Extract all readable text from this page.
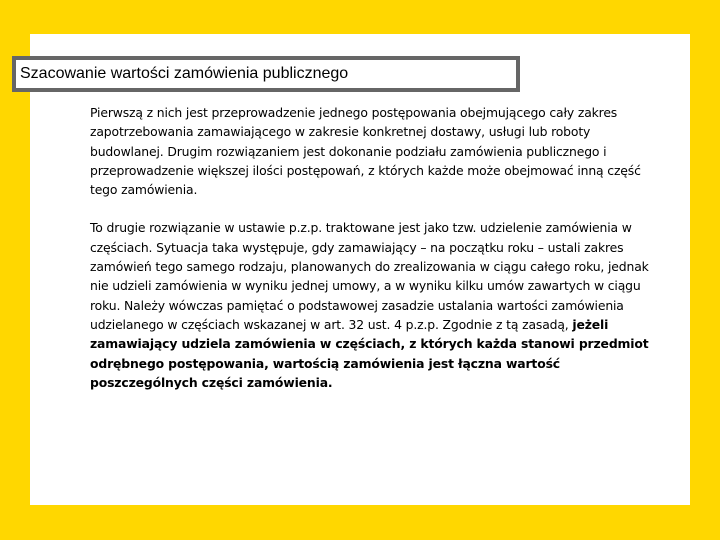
Szacowanie wartości zamówienia publicznego

Pierwszą z nich jest przeprowadzenie jednego postępowania obejmującego cały zakres zapotrzebowania zamawiającego w zakresie konkretnej dostawy, usługi lub roboty budowlanej. Drugim rozwiązaniem jest dokonanie podziału zamówienia publicznego i przeprowadzenie większej ilości postępowań, z których każde może obejmować inną część tego zamówienia.

To drugie rozwiązanie w ustawie p.z.p. traktowane jest jako tzw. udzielenie zamówienia w częściach. Sytuacja taka występuje, gdy zamawiający – na początku roku – ustali zakres zamówień tego samego rodzaju, planowanych do zrealizowania w ciągu całego roku, jednak nie udzieli zamówienia w wyniku jednej umowy, a w wyniku kilku umów zawartych w ciągu roku. Należy wówczas pamiętać o podstawowej zasadzie ustalania wartości zamówienia udzielanego w częściach wskazanej w art. 32 ust. 4 p.z.p. Zgodnie z tą zasadą, jeżeli zamawiający udziela zamówienia w częściach, z których każda stanowi przedmiot odrębnego postępowania, wartością zamówienia jest łączna wartość poszczególnych części zamówienia.
